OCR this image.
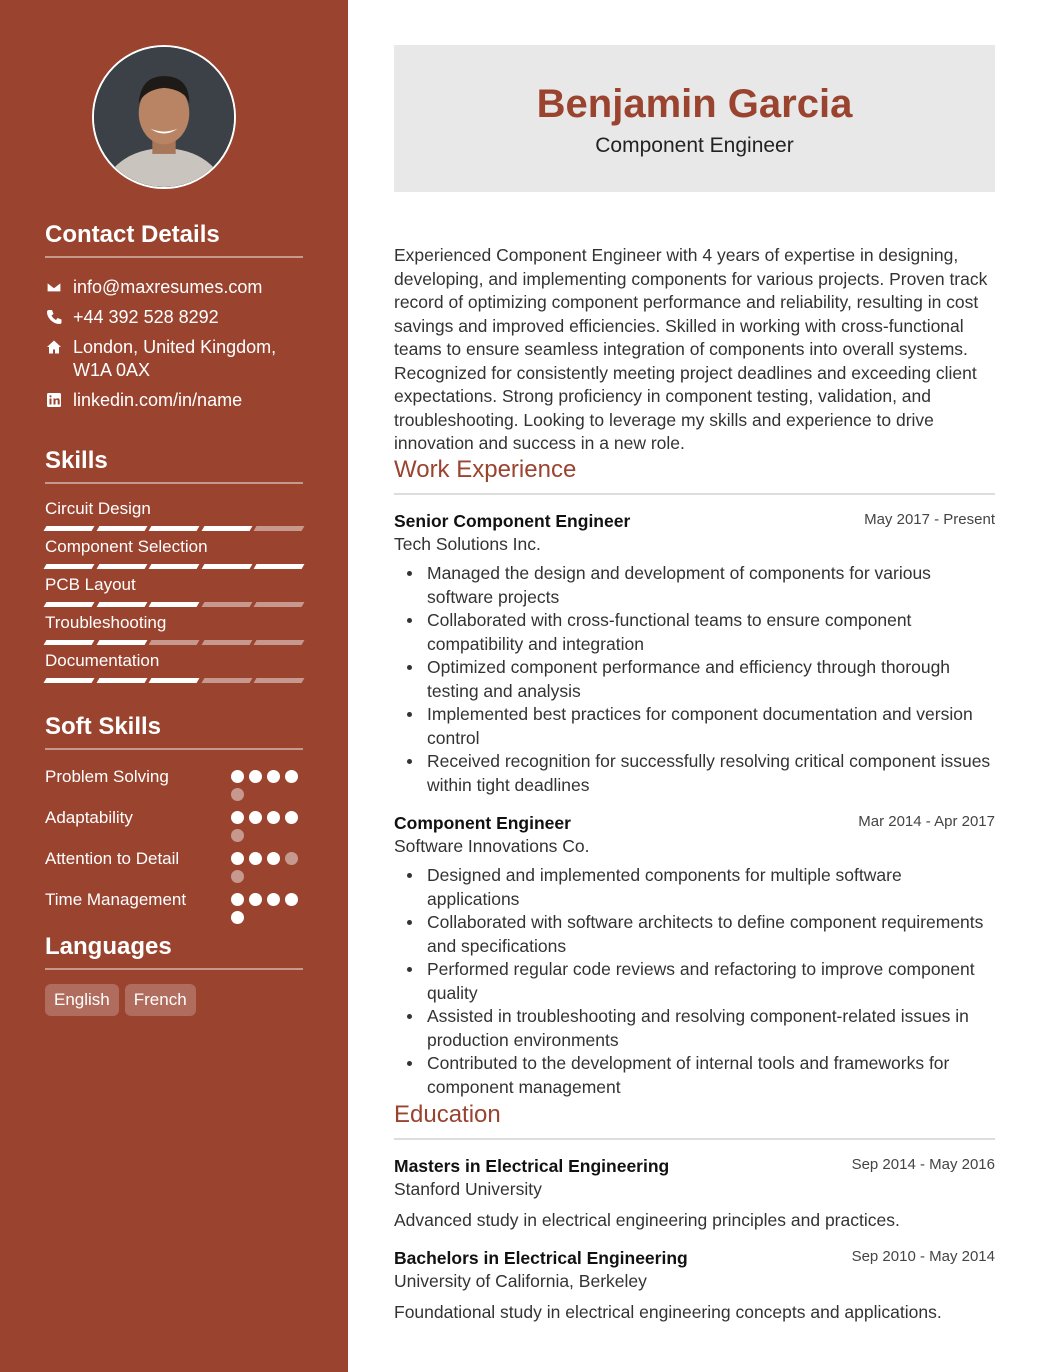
Contact Details
info@maxresumes.com
+44 392 528 8292
London, United Kingdom,
W1A 0AX
linkedin.com/in/name
Skills
Circuit Design
Component Selection
PCB Layout
Troubleshooting
Documentation
Soft Skills
Problem Solving
Adaptability
Attention to Detail
Time Management
Languages
English	French
Benjamin Garcia
Component Engineer
Experienced Component Engineer with 4 years of expertise in designing, developing, and implementing components for various projects. Proven track record of optimizing component performance and reliability, resulting in cost savings and improved efficiencies. Skilled in working with cross-functional teams to ensure seamless integration of components into overall systems. Recognized for consistently meeting project deadlines and exceeding client expectations. Strong proficiency in component testing, validation, and troubleshooting. Looking to leverage my skills and experience to drive innovation and success in a new role.
Work Experience
Senior Component Engineer	May 2017 - Present
Tech Solutions Inc.
Managed the design and development of components for various software projects
Collaborated with cross-functional teams to ensure component compatibility and integration
Optimized component performance and efficiency through thorough testing and analysis
Implemented best practices for component documentation and version control
Received recognition for successfully resolving critical component issues within tight deadlines
Component Engineer	Mar 2014 - Apr 2017
Software Innovations Co.
Designed and implemented components for multiple software applications
Collaborated with software architects to define component requirements and specifications
Performed regular code reviews and refactoring to improve component quality
Assisted in troubleshooting and resolving component-related issues in production environments
Contributed to the development of internal tools and frameworks for component management
Education
Masters in Electrical Engineering	Sep 2014 - May 2016
Stanford University
Advanced study in electrical engineering principles and practices.
Bachelors in Electrical Engineering	Sep 2010 - May 2014
University of California, Berkeley
Foundational study in electrical engineering concepts and applications.
